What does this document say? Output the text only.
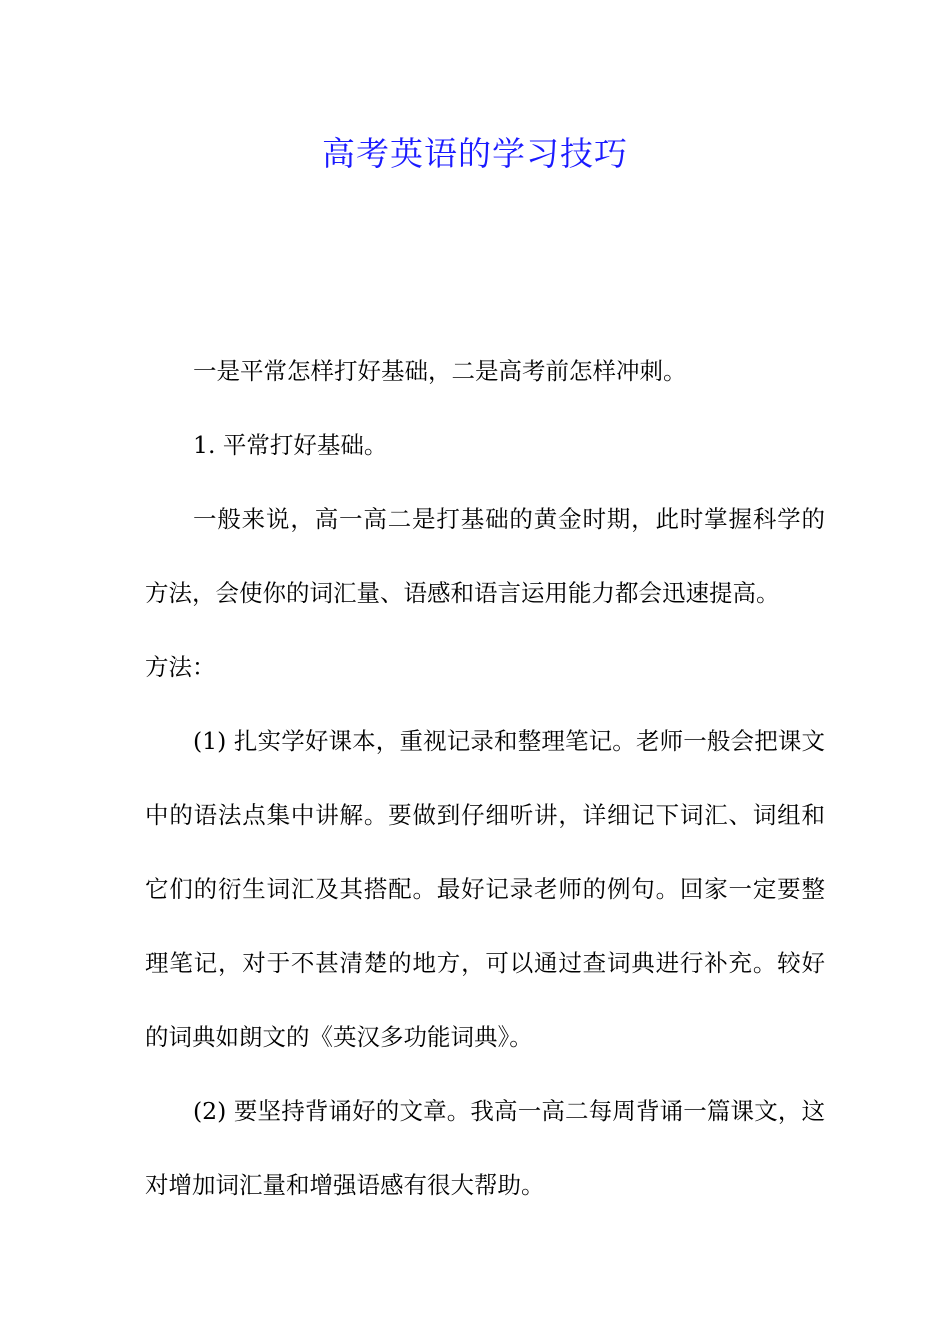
高考英语的学习技巧

一是平常怎样打好基础，二是高考前怎样冲刺。

1. 平常打好基础。

一般来说，高一高二是打基础的黄金时期，此时掌握科学的方法，会使你的词汇量、语感和语言运用能力都会迅速提高。

方法：

(1) 扎实学好课本，重视记录和整理笔记。老师一般会把课文中的语法点集中讲解。要做到仔细听讲，详细记下词汇、词组和它们的衍生词汇及其搭配。最好记录老师的例句。回家一定要整理笔记，对于不甚清楚的地方，可以通过查词典进行补充。较好的词典如朗文的《英汉多功能词典》。

(2) 要坚持背诵好的文章。我高一高二每周背诵一篇课文，这对增加词汇量和增强语感有很大帮助。
